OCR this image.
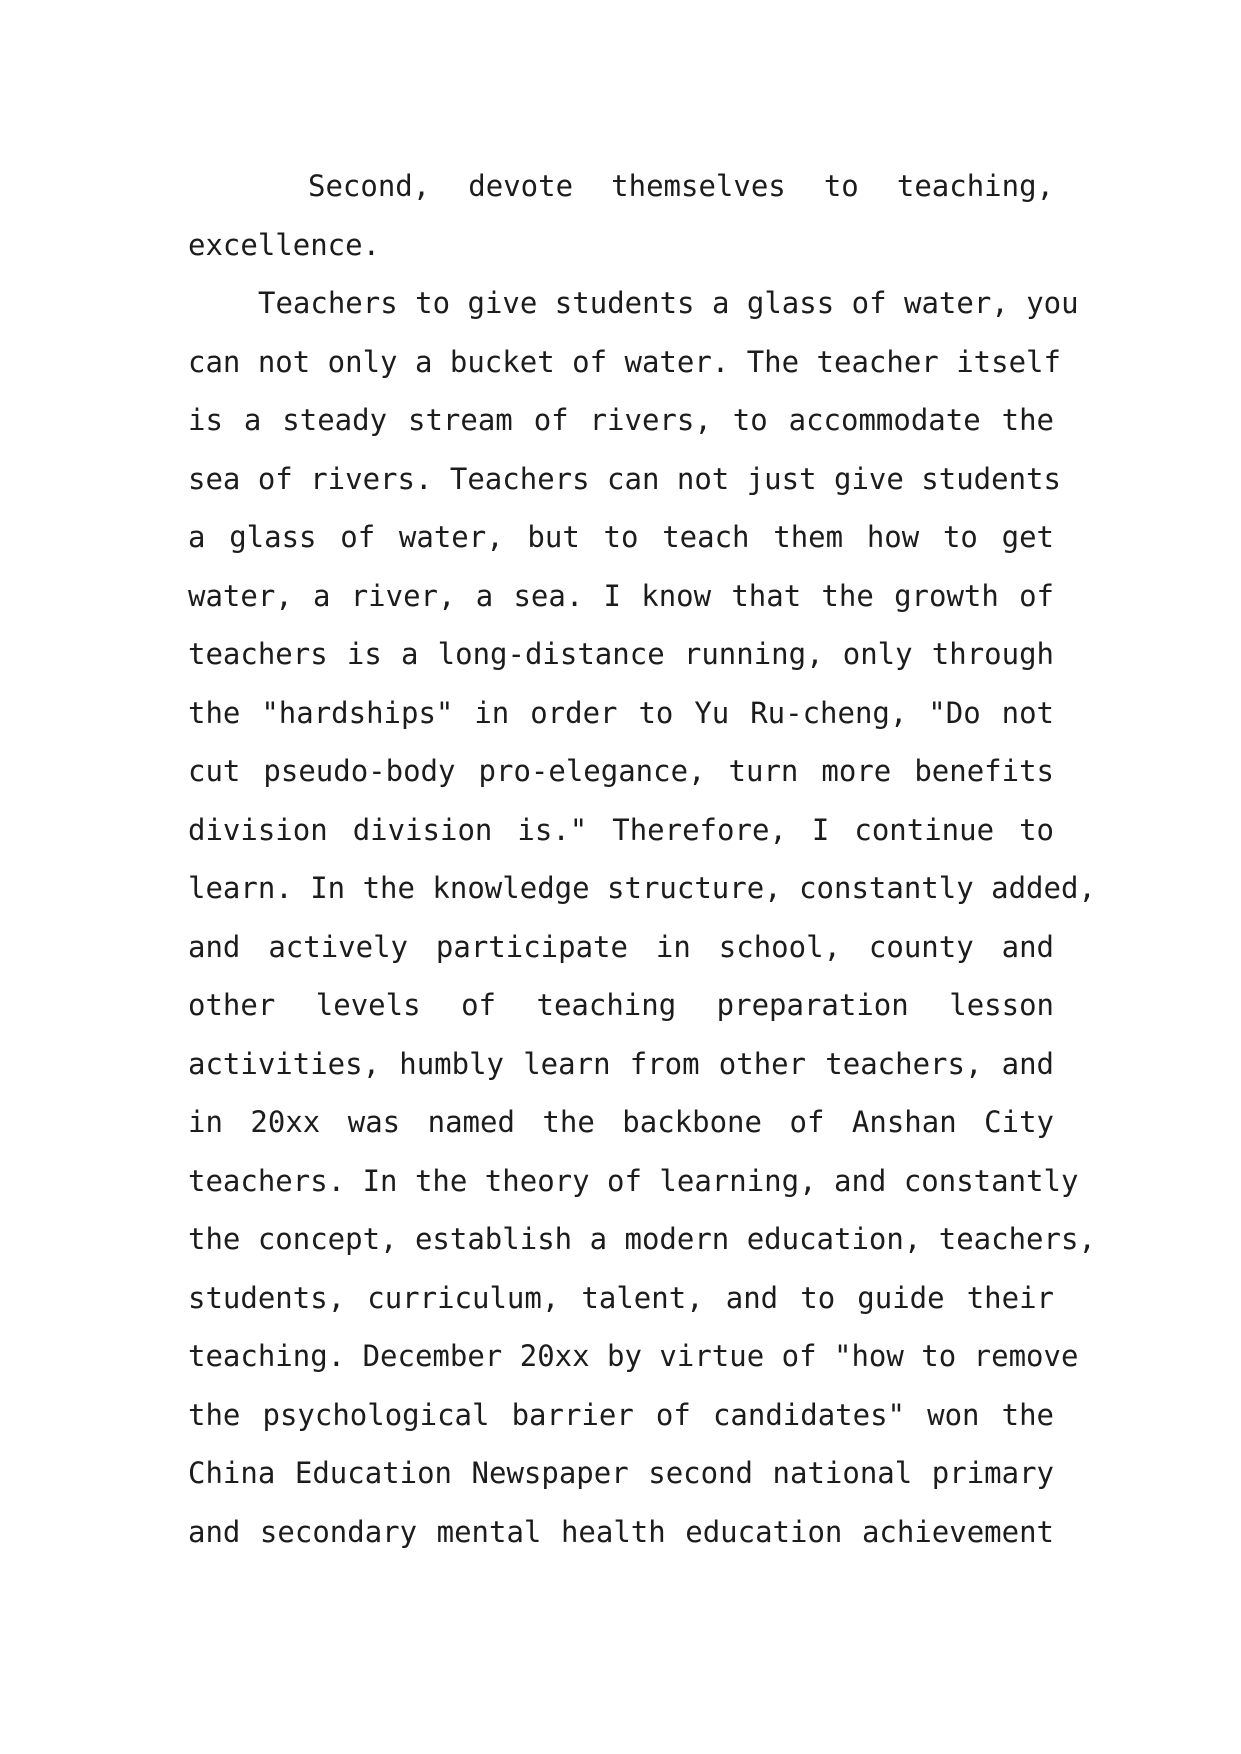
Second, devote themselves to teaching,
excellence.
Teachers to give students a glass of water, you
can not only a bucket of water. The teacher itself
is a steady stream of rivers, to accommodate the
sea of rivers. Teachers can not just give students
a glass of water, but to teach them how to get
water, a river, a sea. I know that the growth of
teachers is a long-distance running, only through
the "hardships" in order to Yu Ru-cheng, "Do not
cut pseudo-body pro-elegance, turn more benefits
division division is." Therefore, I continue to
learn. In the knowledge structure, constantly added,
and actively participate in school, county and
other levels of teaching preparation lesson
activities, humbly learn from other teachers, and
in 20xx was named the backbone of Anshan City
teachers. In the theory of learning, and constantly
the concept, establish a modern education, teachers,
students, curriculum, talent, and to guide their
teaching. December 20xx by virtue of "how to remove
the psychological barrier of candidates" won the
China Education Newspaper second national primary
and secondary mental health education achievement
